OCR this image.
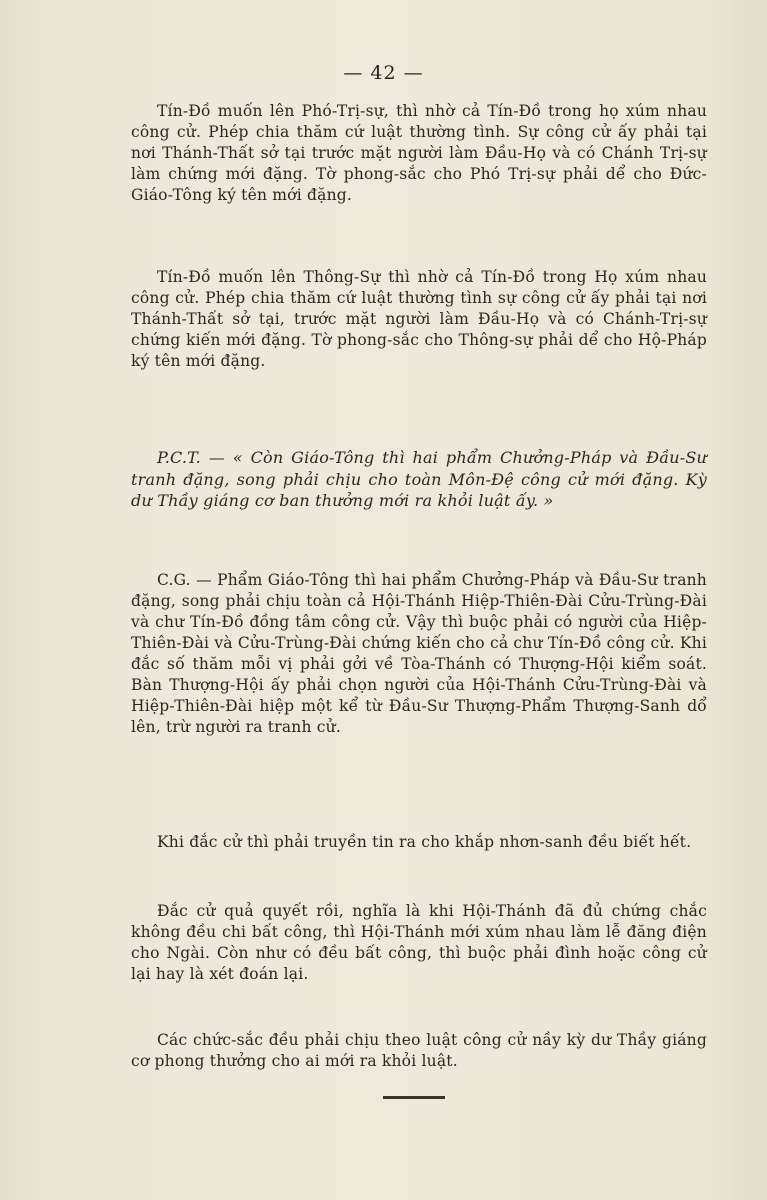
— 42 —

Tín-Đồ muốn lên Phó-Trị-sự, thì nhờ cả Tín-Đồ trong họ xúm nhau công cử. Phép chia thăm cứ luật thường tình. Sự công cử ấy phải tại nơi Thánh-Thất sở tại trước mặt người làm Đầu-Họ và có Chánh Trị-sự làm chứng mới đặng. Tờ phong-sắc cho Phó Trị-sự phải dể cho Đức-Giáo-Tông ký tên mới đặng.

Tín-Đồ muốn lên Thông-Sự thì nhờ cả Tín-Đồ trong Họ xúm nhau công cử. Phép chia thăm cứ luật thường tình sự công cử ấy phải tại nơi Thánh-Thất sở tại, trước mặt người làm Đầu-Họ và có Chánh-Trị-sự chứng kiến mới đặng. Tờ phong-sắc cho Thông-sự phải dể cho Hộ-Pháp ký tên mới đặng.

P.C.T. — « Còn Giáo-Tông thì hai phẩm Chưởng-Pháp và Đầu-Sư tranh đặng, song phải chịu cho toàn Môn-Đệ công cử mới đặng. Kỳ dư Thầy giáng cơ ban thưởng mới ra khỏi luật ấy. »

C.G. — Phẩm Giáo-Tông thì hai phẩm Chưởng-Pháp và Đầu-Sư tranh đặng, song phải chịu toàn cả Hội-Thánh Hiệp-Thiên-Đài Cửu-Trùng-Đài và chư Tín-Đồ đồng tâm công cử. Vậy thì buộc phải có người của Hiệp-Thiên-Đài và Cửu-Trùng-Đài chứng kiến cho cả chư Tín-Đồ công cử. Khi đắc số thăm mỗi vị phải gởi về Tòa-Thánh có Thượng-Hội kiểm soát. Bàn Thượng-Hội ấy phải chọn người của Hội-Thánh Cửu-Trùng-Đài và Hiệp-Thiên-Đài hiệp một kể từ Đầu-Sư Thượng-Phẩm Thượng-Sanh dổ lên, trừ người ra tranh cử.

Khi đắc cử thì phải truyền tin ra cho khắp nhơn-sanh đều biết hết.

Đắc cử quả quyết rồi, nghĩa là khi Hội-Thánh đã đủ chứng chắc không đều chi bất công, thì Hội-Thánh mới xúm nhau làm lễ đăng điện cho Ngài. Còn như có đều bất công, thì buộc phải đình hoặc công cử lại hay là xét đoán lại.

Các chức-sắc đều phải chịu theo luật công cử nầy kỳ dư Thầy giáng cơ phong thưởng cho ai mới ra khỏi luật.
